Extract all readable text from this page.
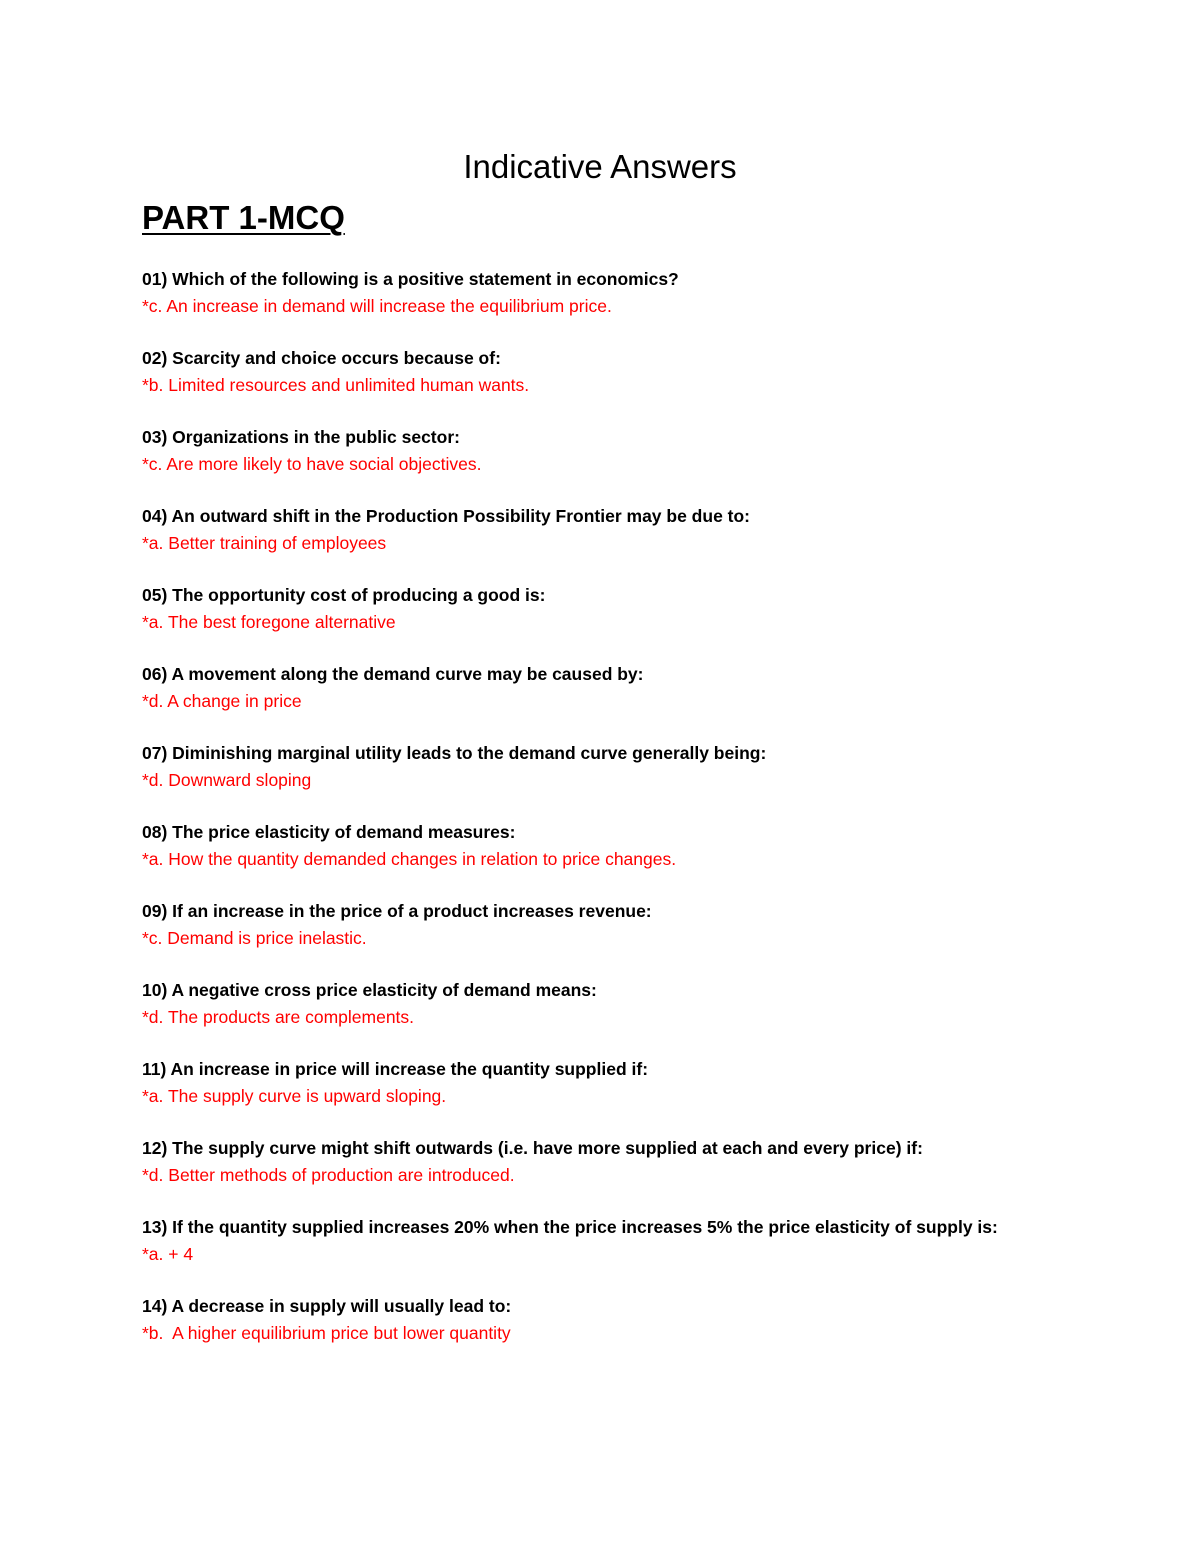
Indicative Answers
PART 1-MCQ
01) Which of the following is a positive statement in economics?
*c. An increase in demand will increase the equilibrium price.
02) Scarcity and choice occurs because of:
*b. Limited resources and unlimited human wants.
03) Organizations in the public sector:
*c. Are more likely to have social objectives.
04) An outward shift in the Production Possibility Frontier may be due to:
*a. Better training of employees
05) The opportunity cost of producing a good is:
*a. The best foregone alternative
06) A movement along the demand curve may be caused by:
*d. A change in price
07) Diminishing marginal utility leads to the demand curve generally being:
*d. Downward sloping
08) The price elasticity of demand measures:
*a. How the quantity demanded changes in relation to price changes.
09) If an increase in the price of a product increases revenue:
*c. Demand is price inelastic.
10) A negative cross price elasticity of demand means:
*d. The products are complements.
11) An increase in price will increase the quantity supplied if:
*a. The supply curve is upward sloping.
12) The supply curve might shift outwards (i.e. have more supplied at each and every price) if:
*d. Better methods of production are introduced.
13) If the quantity supplied increases 20% when the price increases 5% the price elasticity of supply is:
*a. + 4
14) A decrease in supply will usually lead to:
*b.  A higher equilibrium price but lower quantity
